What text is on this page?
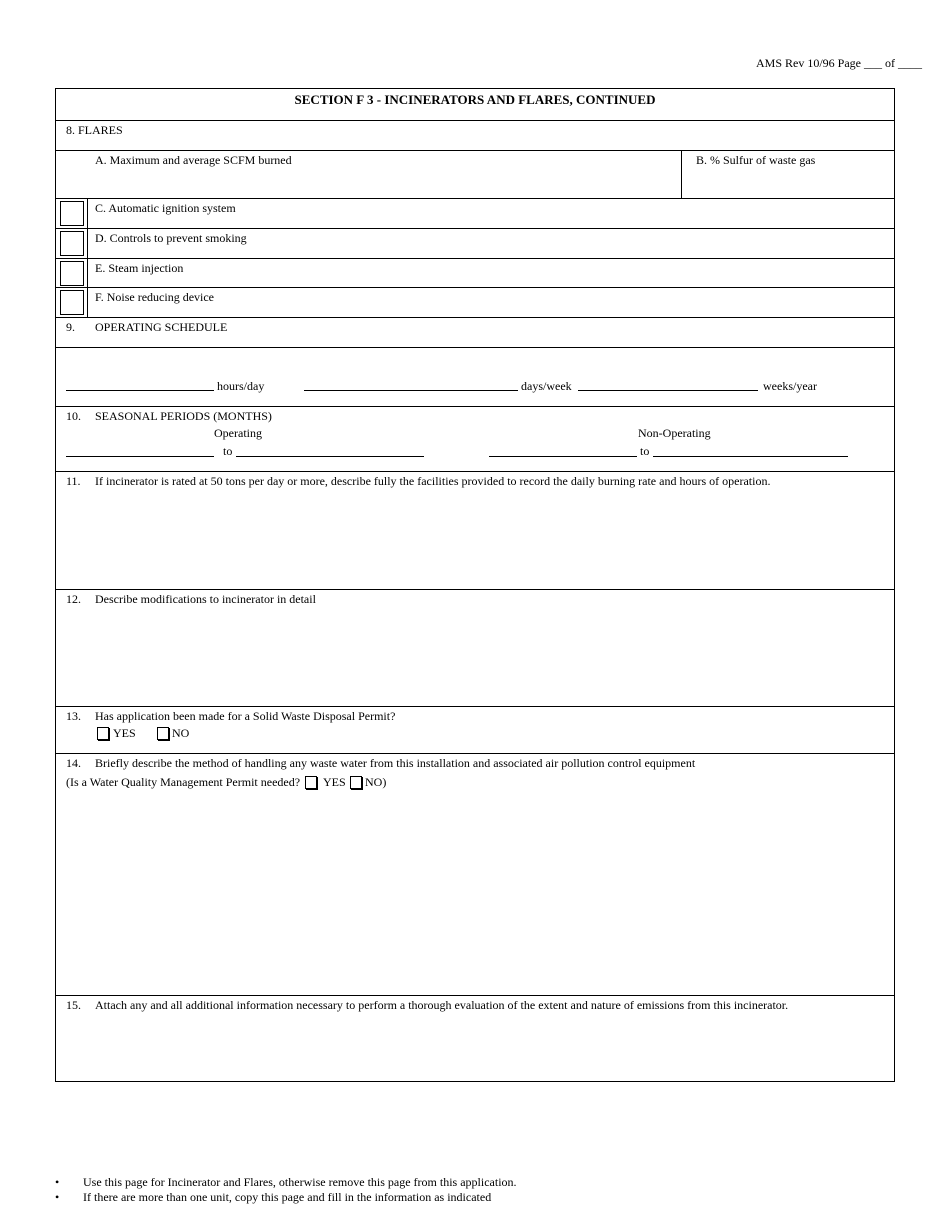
AMS Rev 10/96 Page ___ of ____
SECTION F 3 - INCINERATORS AND FLARES, CONTINUED
8. FLARES
A. Maximum and average SCFM burned	B. % Sulfur of waste gas
C. Automatic ignition system
D. Controls to prevent smoking
E. Steam injection
F. Noise reducing device
9. OPERATING SCHEDULE
hours/day	days/week	weeks/year
10. SEASONAL PERIODS (MONTHS)
Operating	Non-Operating
to	to
11. If incinerator is rated at 50 tons per day or more, describe fully the facilities provided to record the daily burning rate and hours of operation.
12. Describe modifications to incinerator in detail
13. Has application been made for a Solid Waste Disposal Permit?
YES	NO
14. Briefly describe the method of handling any waste water from this installation and associated air pollution control equipment
(Is a Water Quality Management Permit needed? YES NO)
15. Attach any and all additional information necessary to perform a thorough evaluation of the extent and nature of emissions from this incinerator.
• Use this page for Incinerator and Flares, otherwise remove this page from this application.
• If there are more than one unit, copy this page and fill in the information as indicated
